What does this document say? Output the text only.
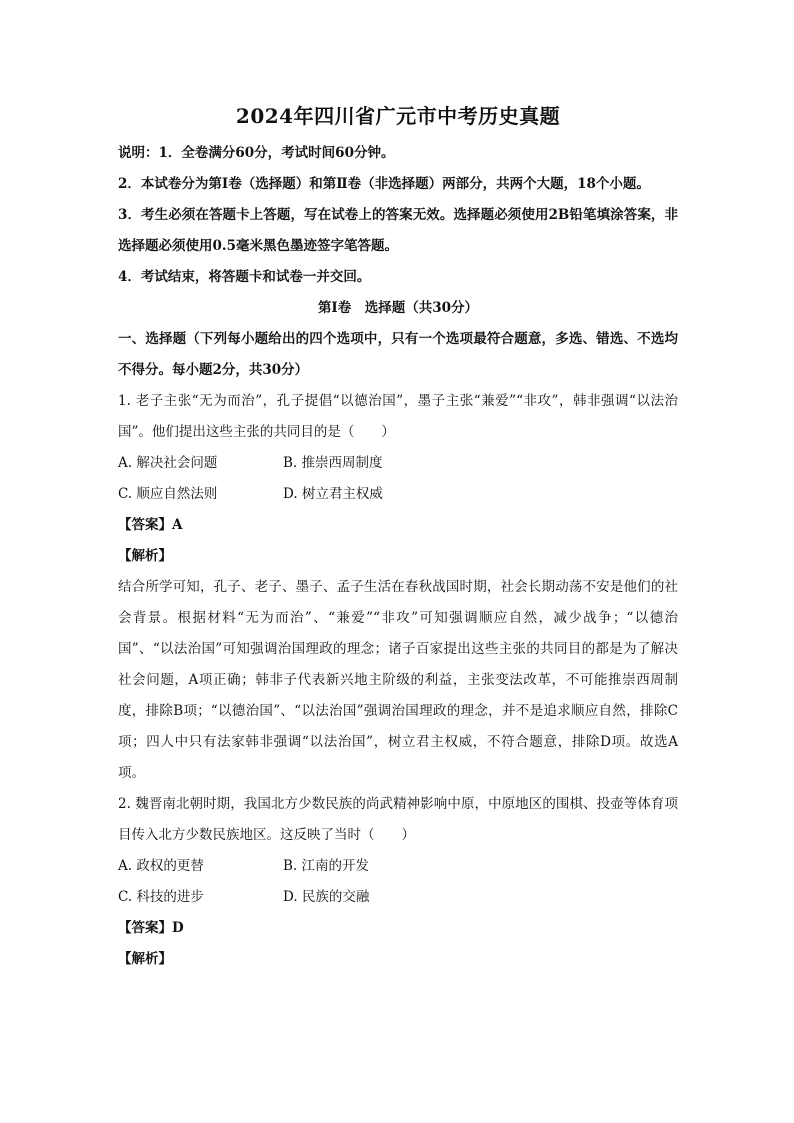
2024年四川省广元市中考历史真题

说明：1．全卷满分60分，考试时间60分钟。

2．本试卷分为第Ⅰ卷（选择题）和第Ⅱ卷（非选择题）两部分，共两个大题，18个小题。

3．考生必须在答题卡上答题，写在试卷上的答案无效。选择题必须使用2B铅笔填涂答案，非选择题必须使用0.5毫米黑色墨迹签字笔答题。

4．考试结束，将答题卡和试卷一并交回。

第Ⅰ卷　选择题（共30分）

一、选择题（下列每小题给出的四个选项中，只有一个选项最符合题意，多选、错选、不选均不得分。每小题2分，共30分）

1. 老子主张“无为而治”，孔子提倡“以德治国”，墨子主张“兼爱”“非攻”，韩非强调“以法治国”。他们提出这些主张的共同目的是（　　）

A. 解决社会问题	B. 推崇西周制度
C. 顺应自然法则	D. 树立君主权威
【答案】A
【解析】

结合所学可知，孔子、老子、墨子、孟子生活在春秋战国时期，社会长期动荡不安是他们的社会背景。根据材料“无为而治”、“兼爱”“非攻”可知强调顺应自然，减少战争；“以德治国”、“以法治国”可知强调治国理政的理念；诸子百家提出这些主张的共同目的都是为了解决社会问题，A项正确；韩非子代表新兴地主阶级的利益，主张变法改革，不可能推崇西周制度，排除B项；“以德治国”、“以法治国”强调治国理政的理念，并不是追求顺应自然，排除C项；四人中只有法家韩非强调“以法治国”，树立君主权威，不符合题意，排除D项。故选A项。

2. 魏晋南北朝时期，我国北方少数民族的尚武精神影响中原，中原地区的围棋、投壶等体育项目传入北方少数民族地区。这反映了当时（　　）

A. 政权的更替	B. 江南的开发
C. 科技的进步	D. 民族的交融
【答案】D
【解析】
